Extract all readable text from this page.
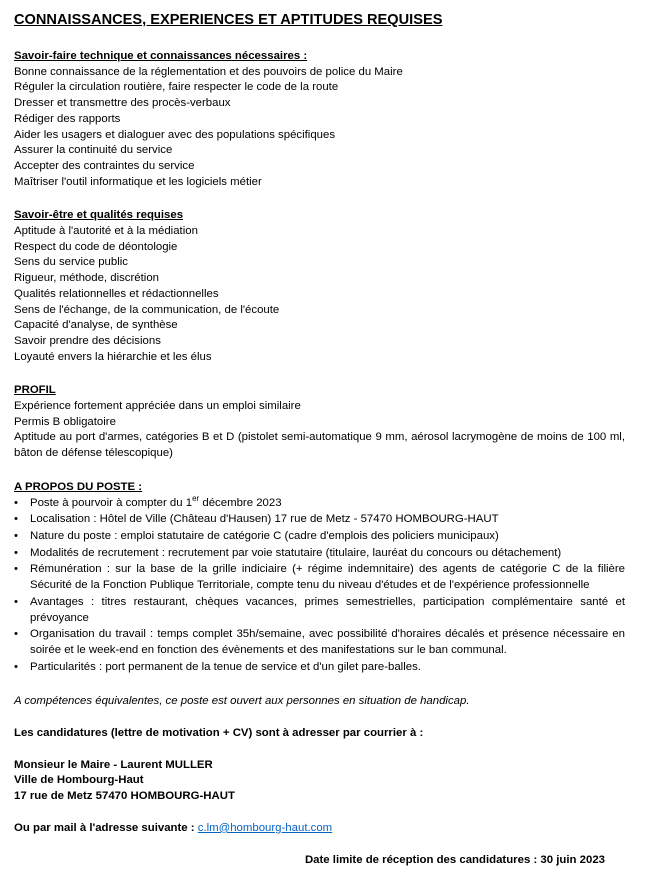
CONNAISSANCES, EXPERIENCES ET APTITUDES REQUISES
Savoir-faire technique et connaissances nécessaires :
Bonne connaissance de la réglementation et des pouvoirs de police du Maire
Réguler la circulation routière, faire respecter le code de la route
Dresser et transmettre des procès-verbaux
Rédiger des rapports
Aider les usagers et dialoguer avec des populations spécifiques
Assurer la continuité du service
Accepter des contraintes du service
Maîtriser l'outil informatique et les logiciels métier
Savoir-être et qualités requises
Aptitude à l'autorité et à la médiation
Respect du code de déontologie
Sens du service public
Rigueur, méthode, discrétion
Qualités relationnelles et rédactionnelles
Sens de l'échange, de la communication, de l'écoute
Capacité d'analyse, de synthèse
Savoir prendre des décisions
Loyauté envers la hiérarchie et les élus
PROFIL
Expérience fortement appréciée dans un emploi similaire
Permis B obligatoire
Aptitude au port d'armes, catégories B et D (pistolet semi-automatique 9 mm, aérosol lacrymogène de moins de 100 ml, bâton de défense télescopique)
A PROPOS DU POSTE :
•	Poste à pourvoir à compter du 1er décembre 2023
•	Localisation : Hôtel de Ville (Château d'Hausen) 17 rue de Metz - 57470 HOMBOURG-HAUT
•	Nature du poste : emploi statutaire de catégorie C (cadre d'emplois des policiers municipaux)
•	Modalités de recrutement : recrutement par voie statutaire (titulaire, lauréat du concours ou détachement)
•	Rémunération : sur la base de la grille indiciaire (+ régime indemnitaire) des agents de catégorie C de la filière Sécurité de la Fonction Publique Territoriale, compte tenu du niveau d'études et de l'expérience professionnelle
•	Avantages : titres restaurant, chèques vacances, primes semestrielles, participation complémentaire santé et prévoyance
•	Organisation du travail : temps complet 35h/semaine, avec possibilité d'horaires décalés et présence nécessaire en soirée et le week-end en fonction des évènements et des manifestations sur le ban communal.
•	Particularités : port permanent de la tenue de service et d'un gilet pare-balles.
A compétences équivalentes, ce poste est ouvert aux personnes en situation de handicap.
Les candidatures (lettre de motivation + CV) sont à adresser par courrier à :
Monsieur le Maire - Laurent MULLER
Ville de Hombourg-Haut
17 rue de Metz 57470 HOMBOURG-HAUT
Ou par mail à l'adresse suivante : c.lm@hombourg-haut.com
Date limite de réception des candidatures : 30 juin 2023
